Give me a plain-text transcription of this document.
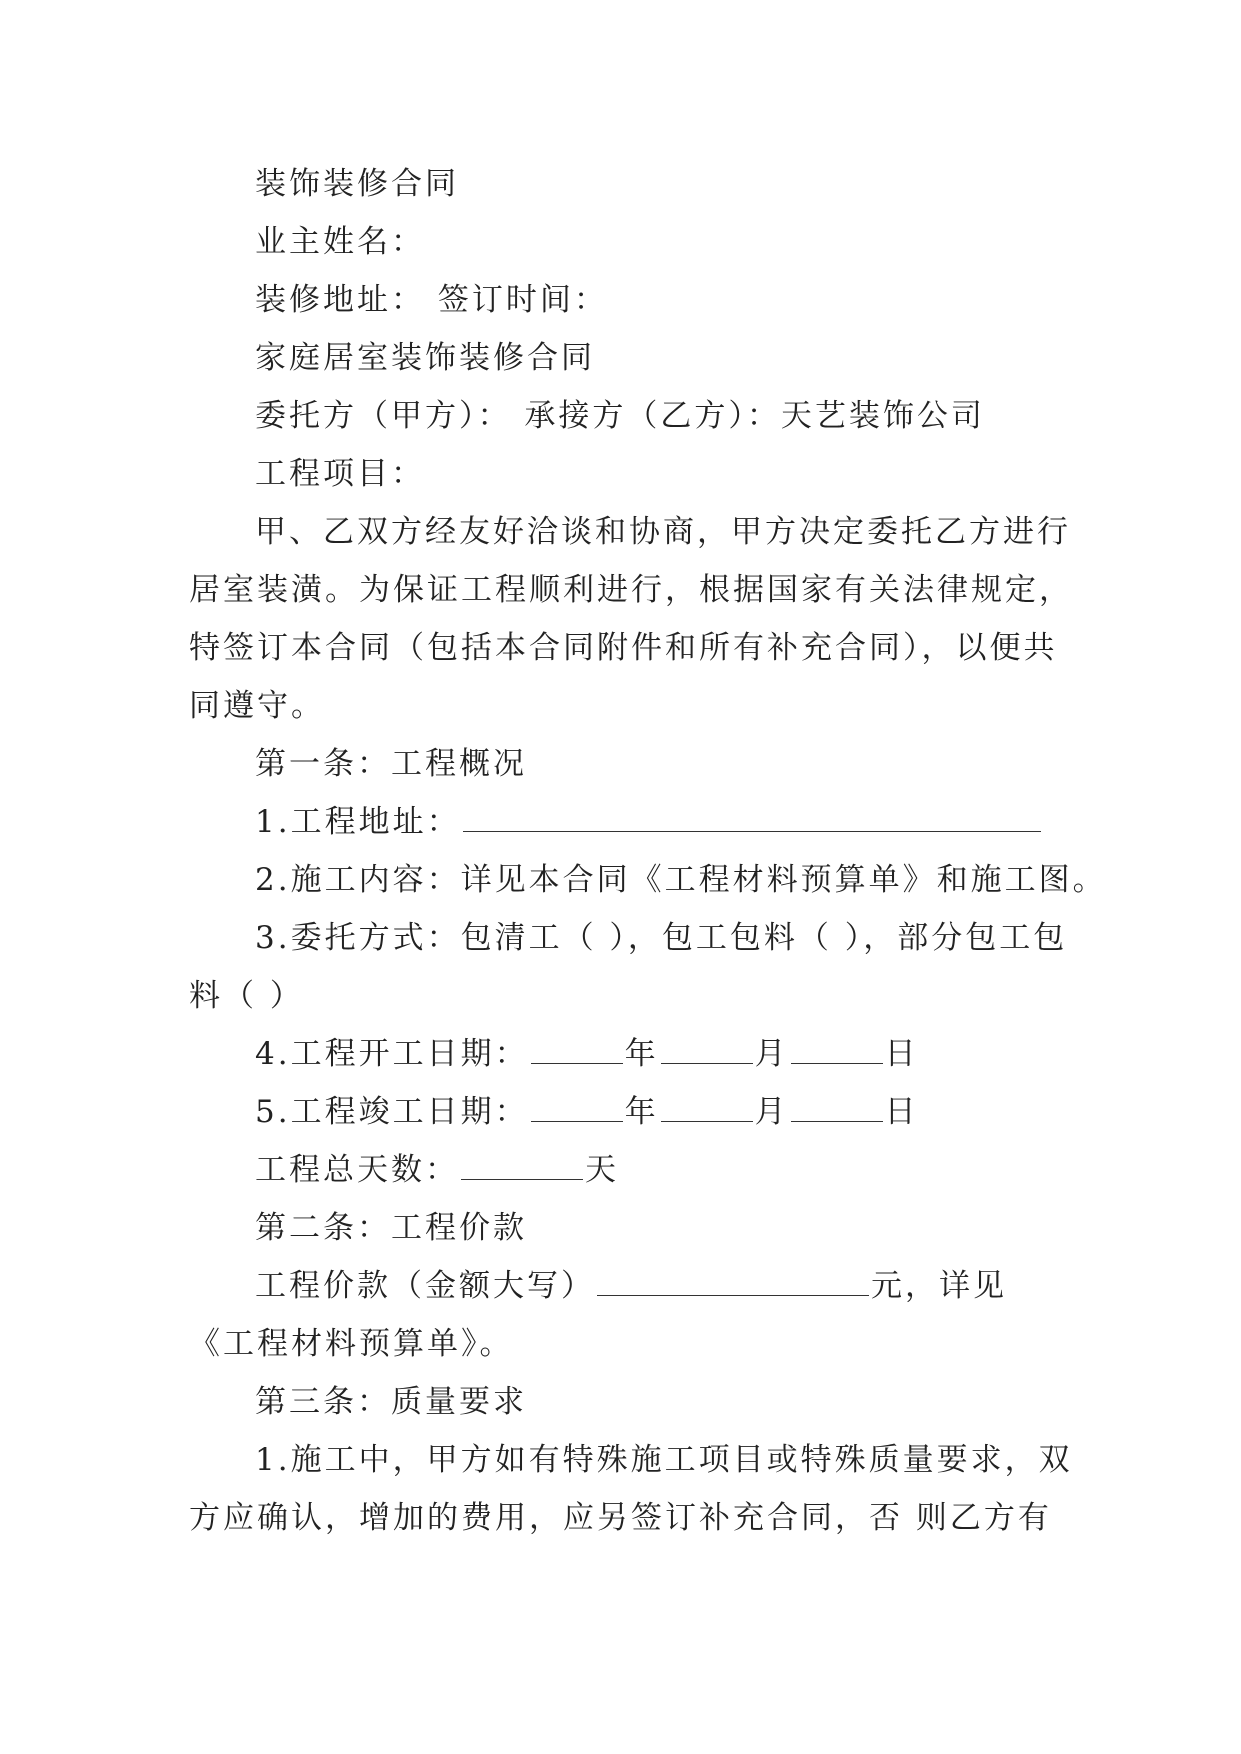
装饰装修合同
业主姓名：
装修地址： 签订时间：
家庭居室装饰装修合同
委托方（甲方）： 承接方（乙方）：天艺装饰公司
工程项目：
甲、乙双方经友好洽谈和协商，甲方决定委托乙方进行
居室装潢。为保证工程顺利进行，根据国家有关法律规定，
特签订本合同（包括本合同附件和所有补充合同），以便共
同遵守。
第一条：工程概况
1.工程地址：
2.施工内容：详见本合同《工程材料预算单》和施工图。
3.委托方式：包清工（ ），包工包料（ ），部分包工包
料（ ）
4.工程开工日期：	年	月	日
5.工程竣工日期：	年	月	日
工程总天数：	天
第二条：工程价款
工程价款（金额大写）	元，详见
《工程材料预算单》。
第三条：质量要求
1.施工中，甲方如有特殊施工项目或特殊质量要求，双
方应确认，增加的费用，应另签订补充合同，否 则乙方有
